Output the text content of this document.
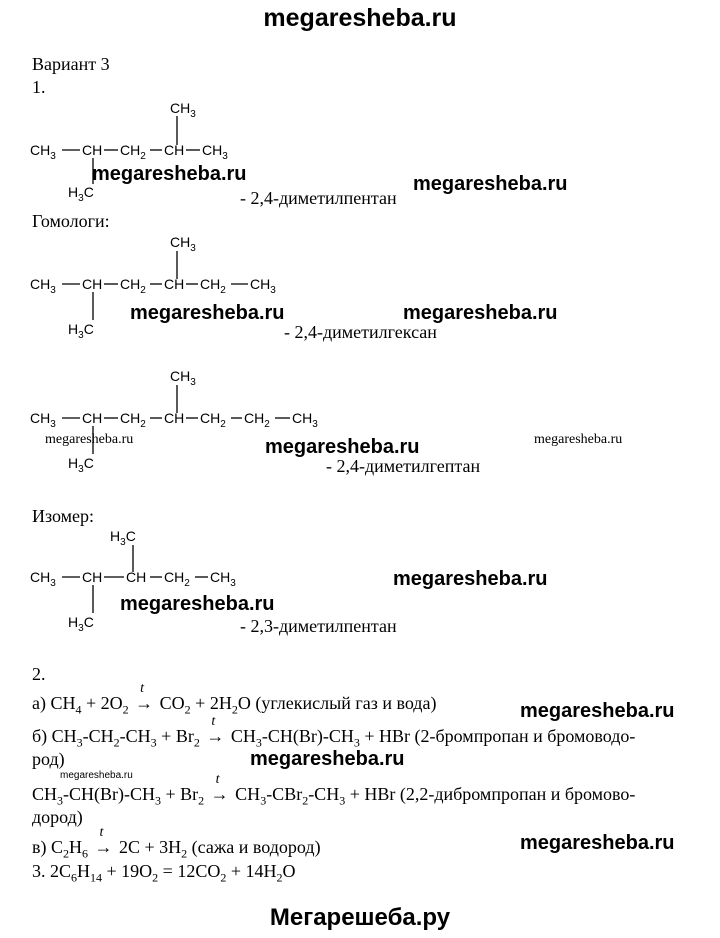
megaresheba.ru
Вариант 3
1.
$CH_3$
$CH_3$ CH $CH_2$ CH $CH_3$
$H_3C$
megaresheba.ru	megaresheba.ru
- 2,4-диметилпентан
Гомологи:
$CH_3$
$CH_3$ CH $CH_2$ CH $CH_2$ $CH_3$
$H_3C$
megaresheba.ru	megaresheba.ru
- 2,4-диметилгексан
$CH_3$
$CH_3$ CH $CH_2$ CH $CH_2$ $CH_2$ $CH_3$
$H_3C$
megaresheba.ru	megaresheba.ru	megaresheba.ru
- 2,4-диметилгептан
Изомер:
$H_3C$
$CH_3$ CH CH $CH_2$ $CH_3$
$H_3C$
megaresheba.ru
megaresheba.ru
- 2,3-диметилпентан
2.
а) $CH_4 + 2O_2$
t
→ $CO_2 + 2H_2O$ (углекислый газ и вода)	megaresheba.ru
б) $CH_3-CH_2-CH_3 + Br_2$
t
→ $CH_3-CH(Br)-CH_3$ + HBr (2-бромпропан и бромоводо-
род)	megaresheba.ru
megaresheba.ru
$CH_3-CH(Br)-CH_3 + Br_2$
t
→ $CH_3-CBr_2-CH_3$ + HBr (2,2-дибромпропан и бромово-
дород)
в) $C_2H_6$
t
→ $2C + 3H_2$ (сажа и водород)	megaresheba.ru
3. $2C_6H_{14} + 19O_2 = 12CO_2 + 14H_2O$
Мегарешеба.ру
